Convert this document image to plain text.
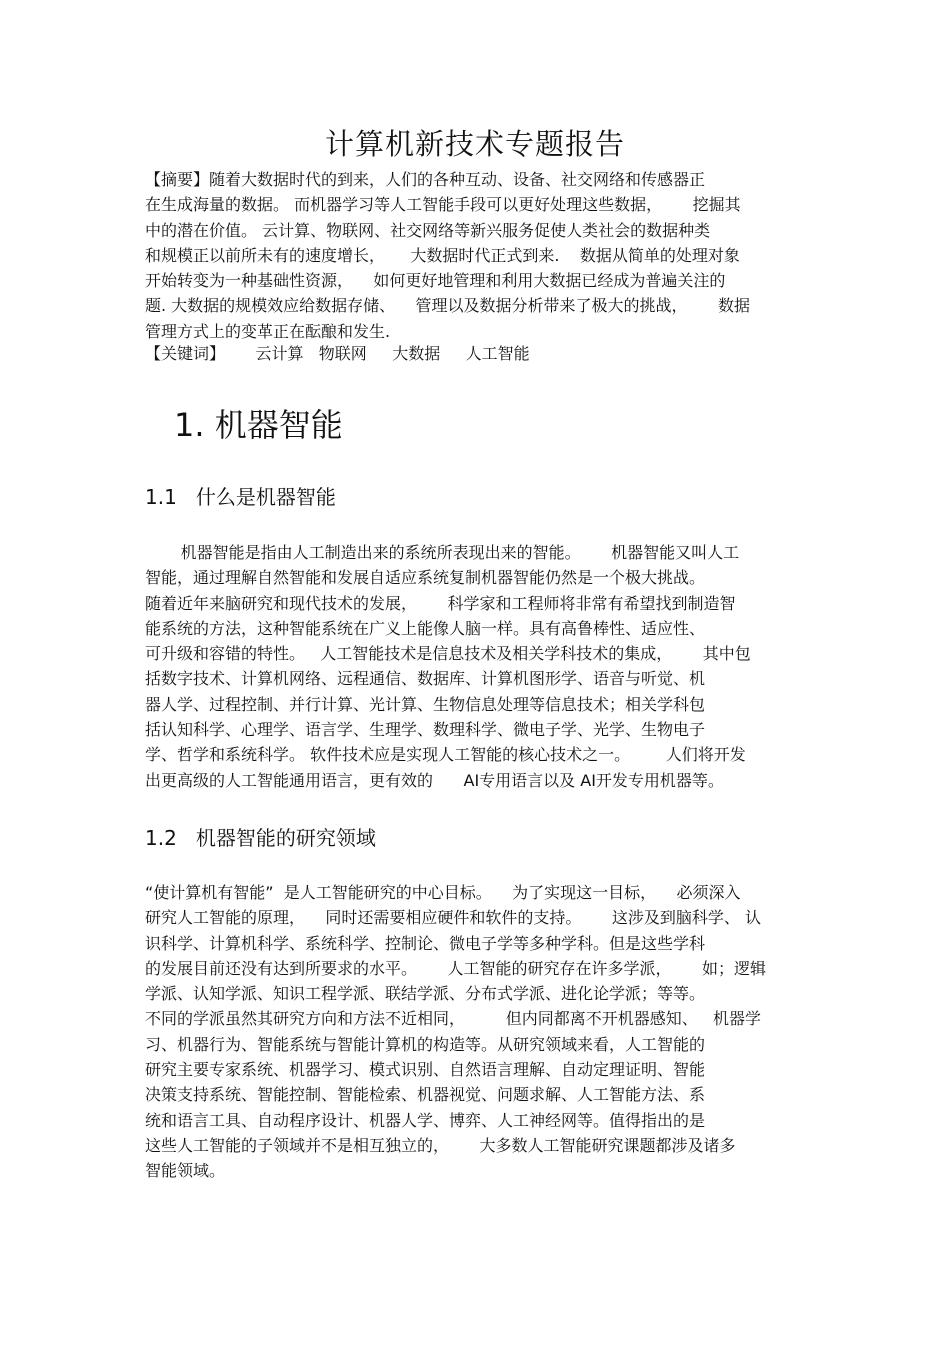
计算机新技术专题报告
【摘要】随着大数据时代的到来，人们的各种互动、设备、社交网络和传感器正
在生成海量的数据。 而机器学习等人工智能手段可以更好处理这些数据，      挖掘其
中的潜在价值。 云计算、物联网、社交网络等新兴服务促使人类社会的数据种类
和规模正以前所未有的速度增长，     大数据时代正式到来.    数据从简单的处理对象
开始转变为一种基础性资源，    如何更好地管理和利用大数据已经成为普遍关注的
题. 大数据的规模效应给数据存储、    管理以及数据分析带来了极大的挑战，      数据
管理方式上的变革正在酝酿和发生.
【关键词】      云计算   物联网     大数据     人工智能
1. 机器智能
1.1   什么是机器智能
机器智能是指由人工制造出来的系统所表现出来的智能。      机器智能又叫人工
智能，通过理解自然智能和发展自适应系统复制机器智能仍然是一个极大挑战。
随着近年来脑研究和现代技术的发展，      科学家和工程师将非常有希望找到制造智
能系统的方法，这种智能系统在广义上能像人脑一样。具有高鲁棒性、适应性、
可升级和容错的特性。   人工智能技术是信息技术及相关学科技术的集成，      其中包
括数字技术、计算机网络、远程通信、数据库、计算机图形学、语音与听觉、机
器人学、过程控制、并行计算、光计算、生物信息处理等信息技术；相关学科包
括认知科学、心理学、语言学、生理学、数理科学、微电子学、光学、生物电子
学、哲学和系统科学。 软件技术应是实现人工智能的核心技术之一。       人们将开发
出更高级的人工智能通用语言，更有效的      AI专用语言以及 AI开发专用机器等。
1.2   机器智能的研究领域
“使计算机有智能”  是人工智能研究的中心目标。    为了实现这一目标，    必须深入
研究人工智能的原理，    同时还需要相应硬件和软件的支持。      这涉及到脑科学、 认
识科学、计算机科学、系统科学、控制论、微电子学等多种学科。但是这些学科
的发展目前还没有达到所要求的水平。      人工智能的研究存在许多学派，      如；逻辑
学派、认知学派、知识工程学派、联结学派、分布式学派、进化论学派；等等。
不同的学派虽然其研究方向和方法不近相同，        但内同都离不开机器感知、   机器学
习、机器行为、智能系统与智能计算机的构造等。从研究领域来看，人工智能的
研究主要专家系统、机器学习、模式识别、自然语言理解、自动定理证明、智能
决策支持系统、智能控制、智能检索、机器视觉、问题求解、人工智能方法、系
统和语言工具、自动程序设计、机器人学、博弈、人工神经网等。值得指出的是
这些人工智能的子领域并不是相互独立的，      大多数人工智能研究课题都涉及诸多
智能领域。
